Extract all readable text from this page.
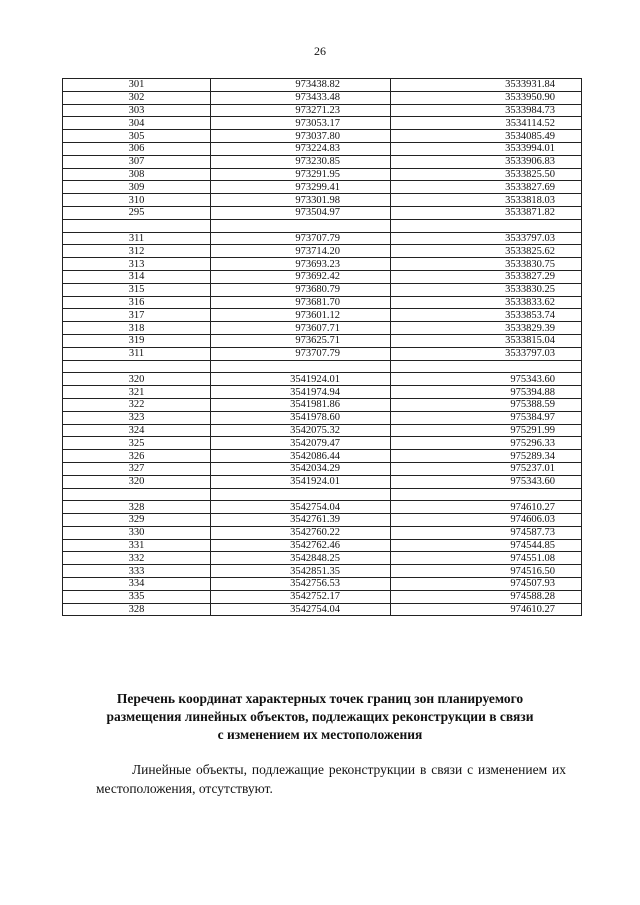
26
301	973438.82	3533931.84
302	973433.48	3533950.90
303	973271.23	3533984.73
304	973053.17	3534114.52
305	973037.80	3534085.49
306	973224.83	3533994.01
307	973230.85	3533906.83
308	973291.95	3533825.50
309	973299.41	3533827.69
310	973301.98	3533818.03
295	973504.97	3533871.82

311	973707.79	3533797.03
312	973714.20	3533825.62
313	973693.23	3533830.75
314	973692.42	3533827.29
315	973680.79	3533830.25
316	973681.70	3533833.62
317	973601.12	3533853.74
318	973607.71	3533829.39
319	973625.71	3533815.04
311	973707.79	3533797.03

320	3541924.01	975343.60
321	3541974.94	975394.88
322	3541981.86	975388.59
323	3541978.60	975384.97
324	3542075.32	975291.99
325	3542079.47	975296.33
326	3542086.44	975289.34
327	3542034.29	975237.01
320	3541924.01	975343.60

328	3542754.04	974610.27
329	3542761.39	974606.03
330	3542760.22	974587.73
331	3542762.46	974544.85
332	3542848.25	974551.08
333	3542851.35	974516.50
334	3542756.53	974507.93
335	3542752.17	974588.28
328	3542754.04	974610.27
Перечень координат характерных точек границ зон планируемого
размещения линейных объектов, подлежащих реконструкции в связи
с изменением их местоположения
Линейные объекты, подлежащие реконструкции в связи с изменением их местоположения, отсутствуют.
